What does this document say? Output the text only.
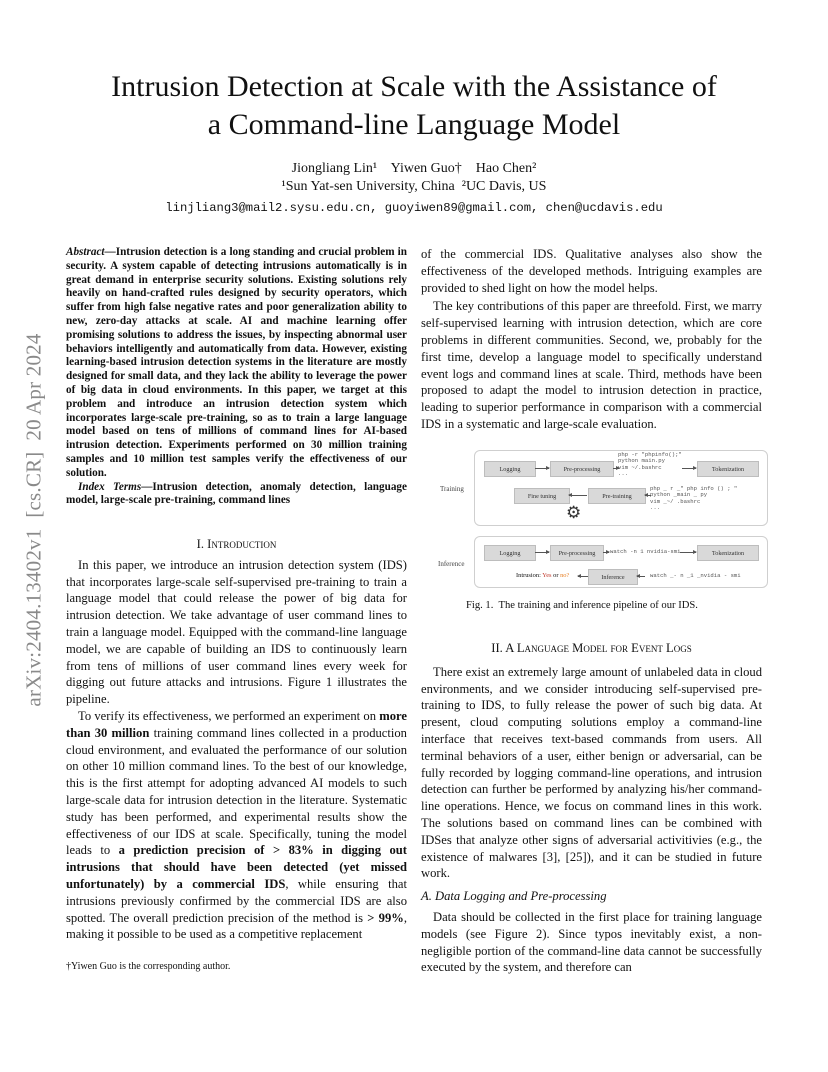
Intrusion Detection at Scale with the Assistance of
a Command-line Language Model
Jiongliang Lin¹    Yiwen Guo†    Hao Chen²
¹Sun Yat-sen University, China  ²UC Davis, US
linjliang3@mail2.sysu.edu.cn, guoyiwen89@gmail.com, chen@ucdavis.edu
arXiv:2404.13402v1  [cs.CR]  20 Apr 2024

Abstract—Intrusion detection is a long standing and crucial problem in security. A system capable of detecting intrusions automatically is in great demand in enterprise security solutions. Existing solutions rely heavily on hand-crafted rules designed by security operators, which suffer from high false negative rates and poor generalization ability to new, zero-day attacks at scale. AI and machine learning offer promising solutions to address the issues, by inspecting abnormal user behaviors intelligently and automatically from data. However, existing learning-based intrusion detection systems in the literature are mostly designed for small data, and they lack the ability to leverage the power of big data in cloud environments. In this paper, we target at this problem and introduce an intrusion detection system which incorporates large-scale pre-training, so as to train a large language model based on tens of millions of command lines for AI-based intrusion detection. Experiments performed on 30 million training samples and 10 million test samples verify the effectiveness of our solution.

Index Terms—Intrusion detection, anomaly detection, language model, large-scale pre-training, command lines

I. Introduction

In this paper, we introduce an intrusion detection system (IDS) that incorporates large-scale self-supervised pre-training to train a language model that could release the power of big data for intrusion detection. We take advantage of user command lines to train a language model. Equipped with the command-line language model, we are capable of building an IDS to continuously learn from tens of millions of user command lines every week for digging out future attacks and intrusions. Figure 1 illustrates the pipeline.

To verify its effectiveness, we performed an experiment on more than 30 million training command lines collected in a production cloud environment, and evaluated the performance of our solution on other 10 million command lines. To the best of our knowledge, this is the first attempt for adopting advanced AI models to such large-scale data for intrusion detection in the literature. Systematic study has been performed, and experimental results show the effectiveness of our IDS at scale. Specifically, tuning the model leads to a prediction precision of > 83% in digging out intrusions that should have been detected (yet missed unfortunately) by a commercial IDS, while ensuring that intrusions previously confirmed by the commercial IDS are also spotted. The overall prediction precision of the method is > 99%, making it possible to be used as a competitive replacement

†Yiwen Guo is the corresponding author.

of the commercial IDS. Qualitative analyses also show the effectiveness of the developed methods. Intriguing examples are provided to shed light on how the model helps.

The key contributions of this paper are threefold. First, we marry self-supervised learning with intrusion detection, which are core problems in different communities. Second, we, probably for the first time, develop a language model to specifically understand event logs and command lines at scale. Third, methods have been proposed to adapt the model to intrusion detection in practice, leading to superior performance in comparison with a commercial IDS in a systematic and large-scale evaluation.

Training
Inference
Logging	Pre-processing
php -r "phpinfo();"
python main.py
vim ~/.bashrc
...
Tokenization
Fine tuning	Pre-training
php _ r _" php info () ; "
python _main _ py
vim _~/ .bashrc
...
⚙
Logging	Pre-processing	watch -n 1 nvidia-smi	Tokenization
Intrusion: Yes or no?	Inference	watch _- n _1 _nvidia - smi
Fig. 1.  The training and inference pipeline of our IDS.

II. A Language Model for Event Logs

There exist an extremely large amount of unlabeled data in cloud environments, and we consider introducing self-supervised pre-training to IDS, to fully release the power of such big data. At present, cloud computing solutions employ a command-line interface that receives text-based commands from users. All terminal behaviors of a user, either benign or adversarial, can be fully recorded by logging command-line operations, and intrusion detection can further be performed by analyzing his/her command-line operations. Hence, we focus on command lines in this work. The solutions based on command lines can be combined with IDSes that analyze other signs of adversarial activitivies (e.g., the existence of malwares [3], [25]), and it can be studied in future work.

A. Data Logging and Pre-processing

Data should be collected in the first place for training language models (see Figure 2). Since typos inevitably exist, a non-negligible portion of the command-line data cannot be successfully executed by the system, and therefore can
